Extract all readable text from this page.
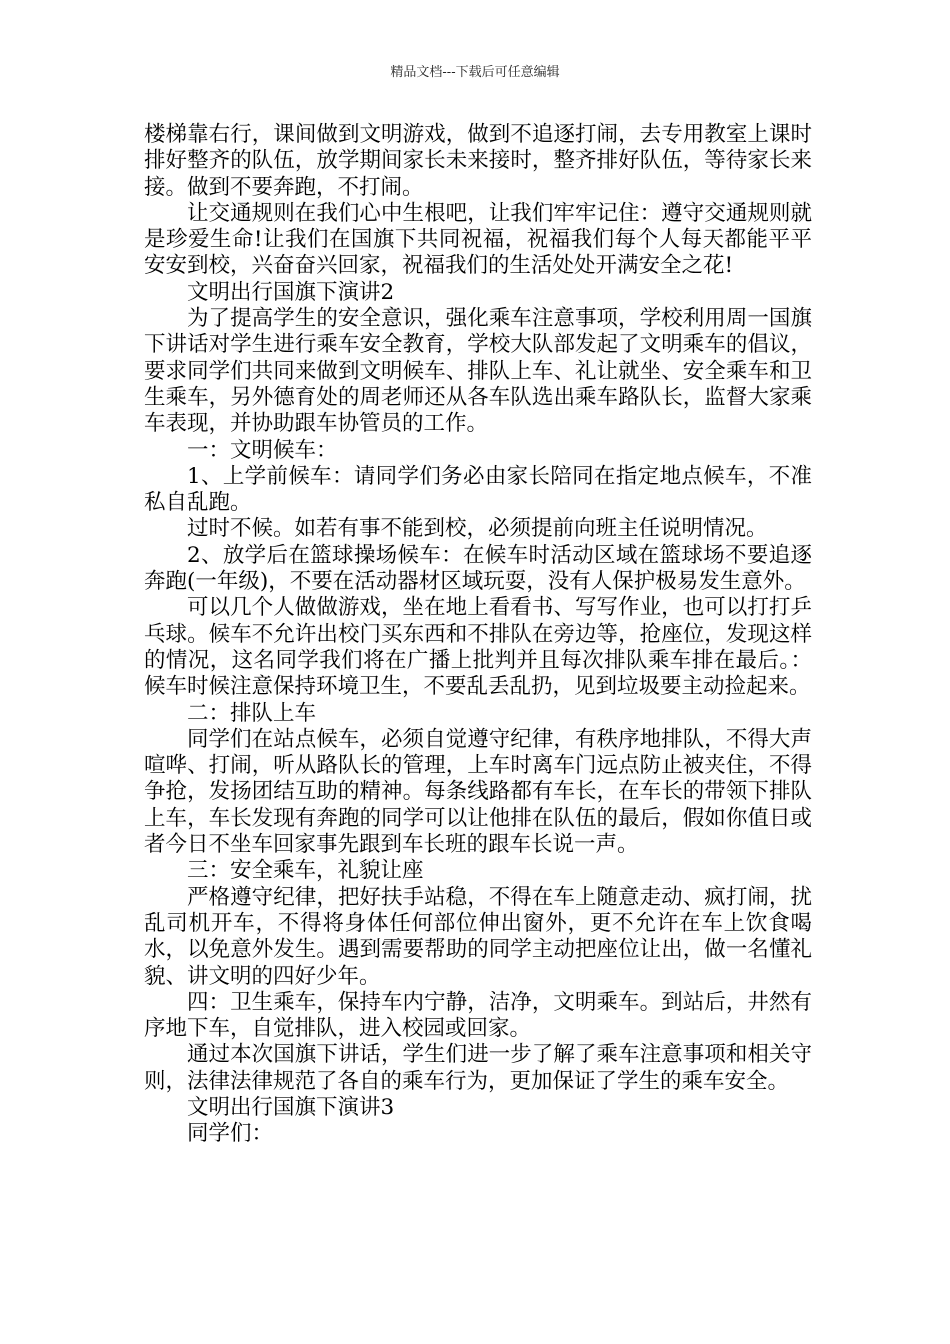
精品文档---下载后可任意编辑

楼梯靠右行，课间做到文明游戏，做到不追逐打闹，去专用教室上课时排好整齐的队伍，放学期间家长未来接时，整齐排好队伍，等待家长来接。做到不要奔跑，不打闹。

让交通规则在我们心中生根吧，让我们牢牢记住：遵守交通规则就是珍爱生命!让我们在国旗下共同祝福，祝福我们每个人每天都能平平安安到校，兴奋奋兴回家，祝福我们的生活处处开满安全之花!

文明出行国旗下演讲2

为了提高学生的安全意识，强化乘车注意事项，学校利用周一国旗下讲话对学生进行乘车安全教育，学校大队部发起了文明乘车的倡议，要求同学们共同来做到文明候车、排队上车、礼让就坐、安全乘车和卫生乘车，另外德育处的周老师还从各车队选出乘车路队长，监督大家乘车表现，并协助跟车协管员的工作。

一：文明候车：

1、上学前候车：请同学们务必由家长陪同在指定地点候车，不准私自乱跑。

过时不候。如若有事不能到校，必须提前向班主任说明情况。

2、放学后在篮球操场候车：在候车时活动区域在篮球场不要追逐奔跑(一年级)，不要在活动器材区域玩耍，没有人保护极易发生意外。

可以几个人做做游戏，坐在地上看看书、写写作业，也可以打打乒乓球。候车不允许出校门买东西和不排队在旁边等，抢座位，发现这样的情况，这名同学我们将在广播上批判并且每次排队乘车排在最后。：候车时候注意保持环境卫生，不要乱丢乱扔，见到垃圾要主动捡起来。

二：排队上车

同学们在站点候车，必须自觉遵守纪律，有秩序地排队，不得大声喧哗、打闹，听从路队长的管理，上车时离车门远点防止被夹住，不得争抢，发扬团结互助的精神。每条线路都有车长，在车长的带领下排队上车，车长发现有奔跑的同学可以让他排在队伍的最后，假如你值日或者今日不坐车回家事先跟到车长班的跟车长说一声。

三：安全乘车，礼貌让座

严格遵守纪律，把好扶手站稳，不得在车上随意走动、疯打闹，扰乱司机开车，不得将身体任何部位伸出窗外，更不允许在车上饮食喝水，以免意外发生。遇到需要帮助的同学主动把座位让出，做一名懂礼貌、讲文明的四好少年。

四：卫生乘车，保持车内宁静，洁净，文明乘车。到站后，井然有序地下车，自觉排队，进入校园或回家。

通过本次国旗下讲话，学生们进一步了解了乘车注意事项和相关守则，法律法律规范了各自的乘车行为，更加保证了学生的乘车安全。

文明出行国旗下演讲3

同学们：
